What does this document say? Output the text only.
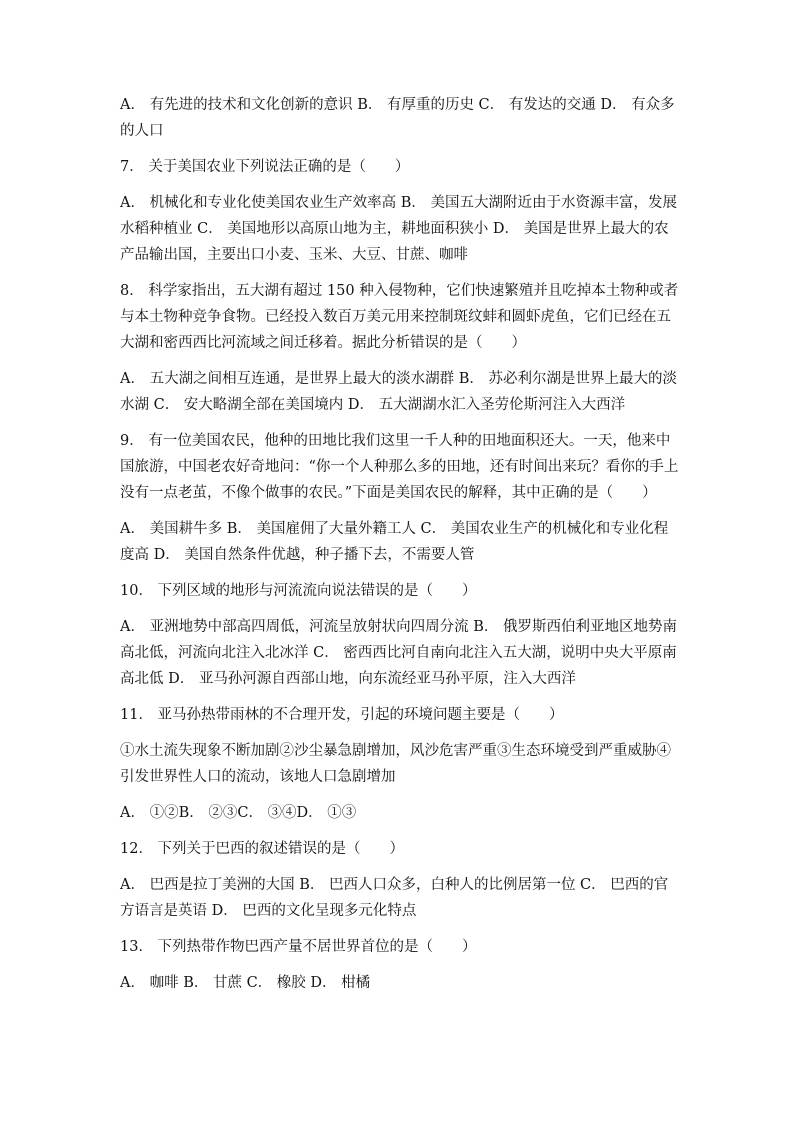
A． 有先进的技术和文化创新的意识 B． 有厚重的历史 C． 有发达的交通 D． 有众多的人口

7． 关于美国农业下列说法正确的是（　　）

A． 机械化和专业化使美国农业生产效率高 B． 美国五大湖附近由于水资源丰富，发展水稻种植业 C． 美国地形以高原山地为主，耕地面积狭小 D． 美国是世界上最大的农产品输出国，主要出口小麦、玉米、大豆、甘蔗、咖啡

8． 科学家指出，五大湖有超过 150 种入侵物种，它们快速繁殖并且吃掉本土物种或者与本土物种竞争食物。已经投入数百万美元用来控制斑纹蚌和圆虾虎鱼，它们已经在五大湖和密西西比河流域之间迁移着。据此分析错误的是（　　）

A． 五大湖之间相互连通，是世界上最大的淡水湖群 B． 苏必利尔湖是世界上最大的淡水湖 C． 安大略湖全部在美国境内 D． 五大湖湖水汇入圣劳伦斯河注入大西洋

9． 有一位美国农民，他种的田地比我们这里一千人种的田地面积还大。一天，他来中国旅游，中国老农好奇地问：“你一个人种那么多的田地，还有时间出来玩？看你的手上没有一点老茧，不像个做事的农民。”下面是美国农民的解释，其中正确的是（　　）

A． 美国耕牛多 B． 美国雇佣了大量外籍工人 C． 美国农业生产的机械化和专业化程度高 D． 美国自然条件优越，种子播下去，不需要人管

10． 下列区域的地形与河流流向说法错误的是（　　）

A． 亚洲地势中部高四周低，河流呈放射状向四周分流 B． 俄罗斯西伯利亚地区地势南高北低，河流向北注入北冰洋 C． 密西西比河自南向北注入五大湖，说明中央大平原南高北低 D． 亚马孙河源自西部山地，向东流经亚马孙平原，注入大西洋

11． 亚马孙热带雨林的不合理开发，引起的环境问题主要是（　　）

①水土流失现象不断加剧②沙尘暴急剧增加，风沙危害严重③生态环境受到严重威胁④引发世界性人口的流动，该地人口急剧增加

A． ①②B． ②③C． ③④D． ①③

12． 下列关于巴西的叙述错误的是（　　）

A． 巴西是拉丁美洲的大国 B． 巴西人口众多，白种人的比例居第一位 C． 巴西的官方语言是英语 D． 巴西的文化呈现多元化特点

13． 下列热带作物巴西产量不居世界首位的是（　　）

A． 咖啡 B． 甘蔗 C． 橡胶 D． 柑橘
